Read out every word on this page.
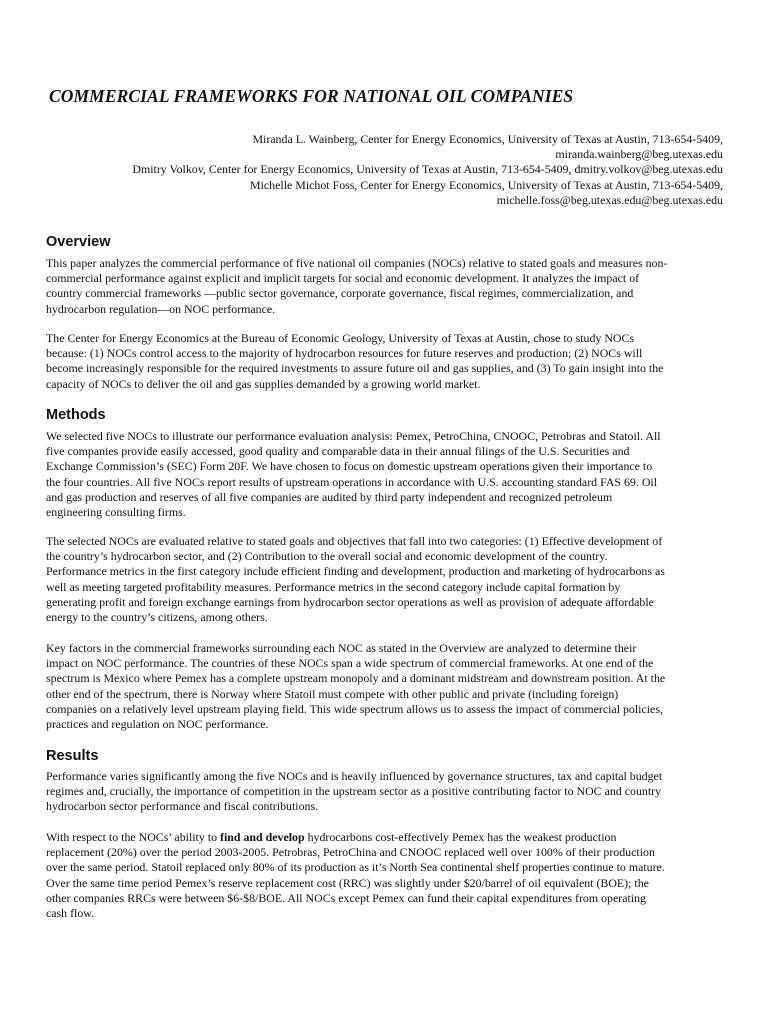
COMMERCIAL FRAMEWORKS FOR NATIONAL OIL COMPANIES
Miranda L. Wainberg, Center for Energy Economics, University of Texas at Austin, 713-654-5409,
miranda.wainberg@beg.utexas.edu
Dmitry Volkov, Center for Energy Economics, University of Texas at Austin, 713-654-5409, dmitry.volkov@beg.utexas.edu
Michelle Michot Foss, Center for Energy Economics, University of Texas at Austin, 713-654-5409,
michelle.foss@beg.utexas.edu@beg.utexas.edu
Overview

This paper analyzes the commercial performance of five national oil companies (NOCs) relative to stated goals and measures non-
commercial performance against explicit and implicit targets for social and economic development. It analyzes the impact of
country commercial frameworks —public sector governance, corporate governance, fiscal regimes, commercialization, and
hydrocarbon regulation—on NOC performance.

The Center for Energy Economics at the Bureau of Economic Geology, University of Texas at Austin, chose to study NOCs
because: (1) NOCs control access to the majority of hydrocarbon resources for future reserves and production; (2) NOCs will
become increasingly responsible for the required investments to assure future oil and gas supplies, and (3) To gain insight into the
capacity of NOCs to deliver the oil and gas supplies demanded by a growing world market.

Methods

We selected five NOCs to illustrate our performance evaluation analysis: Pemex, PetroChina, CNOOC, Petrobras and Statoil. All
five companies provide easily accessed, good quality and comparable data in their annual filings of the U.S. Securities and
Exchange Commission’s (SEC) Form 20F. We have chosen to focus on domestic upstream operations given their importance to
the four countries. All five NOCs report results of upstream operations in accordance with U.S. accounting standard FAS 69. Oil
and gas production and reserves of all five companies are audited by third party independent and recognized petroleum
engineering consulting firms.

The selected NOCs are evaluated relative to stated goals and objectives that fall into two categories: (1) Effective development of
the country’s hydrocarbon sector, and (2) Contribution to the overall social and economic development of the country.
Performance metrics in the first category include efficient finding and development, production and marketing of hydrocarbons as
well as meeting targeted profitability measures. Performance metrics in the second category include capital formation by
generating profit and foreign exchange earnings from hydrocarbon sector operations as well as provision of adequate affordable
energy to the country’s citizens, among others.

Key factors in the commercial frameworks surrounding each NOC as stated in the Overview are analyzed to determine their
impact on NOC performance. The countries of these NOCs span a wide spectrum of commercial frameworks. At one end of the
spectrum is Mexico where Pemex has a complete upstream monopoly and a dominant midstream and downstream position. At the
other end of the spectrum, there is Norway where Statoil must compete with other public and private (including foreign)
companies on a relatively level upstream playing field. This wide spectrum allows us to assess the impact of commercial policies,
practices and regulation on NOC performance.

Results

Performance varies significantly among the five NOCs and is heavily influenced by governance structures, tax and capital budget
regimes and, crucially, the importance of competition in the upstream sector as a positive contributing factor to NOC and country
hydrocarbon sector performance and fiscal contributions.

With respect to the NOCs’ ability to find and develop hydrocarbons cost-effectively Pemex has the weakest production
replacement (20%) over the period 2003-2005. Petrobras, PetroChina and CNOOC replaced well over 100% of their production
over the same period. Statoil replaced only 80% of its production as it’s North Sea continental shelf properties continue to mature.
Over the same time period Pemex’s reserve replacement cost (RRC) was slightly under $20/barrel of oil equivalent (BOE); the
other companies RRCs were between $6-$8/BOE. All NOCs except Pemex can fund their capital expenditures from operating
cash flow.
